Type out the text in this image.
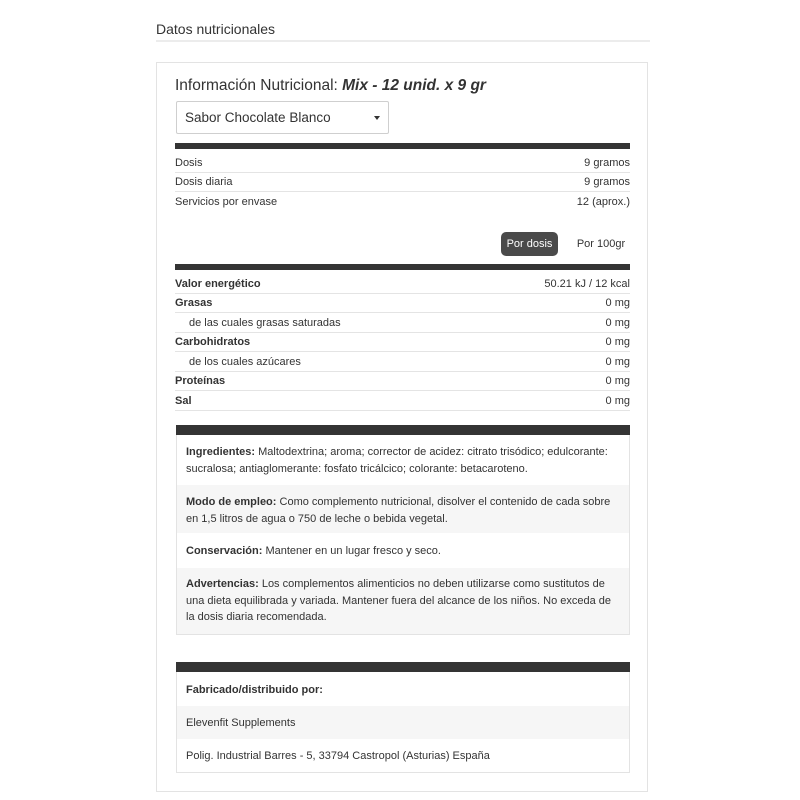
Datos nutricionales
Información Nutricional: Mix - 12 unid. x 9 gr
Sabor Chocolate Blanco
Dosis	9 gramos
Dosis diaria	9 gramos
Servicios por envase	12 (aprox.)
Por dosis	Por 100gr
Valor energético	50.21 kJ / 12 kcal
Grasas	0 mg
de las cuales grasas saturadas	0 mg
Carbohidratos	0 mg
de los cuales azúcares	0 mg
Proteínas	0 mg
Sal	0 mg
Ingredientes: Maltodextrina; aroma; corrector de acidez: citrato trisódico; edulcorante: sucralosa; antiaglomerante: fosfato tricálcico; colorante: betacaroteno.
Modo de empleo: Como complemento nutricional, disolver el contenido de cada sobre en 1,5 litros de agua o 750 de leche o bebida vegetal.
Conservación: Mantener en un lugar fresco y seco.
Advertencias: Los complementos alimenticios no deben utilizarse como sustitutos de una dieta equilibrada y variada. Mantener fuera del alcance de los niños. No exceda de la dosis diaria recomendada.
Fabricado/distribuido por:
Elevenfit Supplements
Polig. Industrial Barres - 5, 33794 Castropol (Asturias) España
